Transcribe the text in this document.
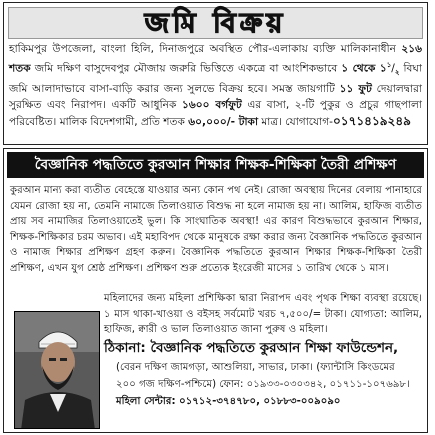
জমি বিক্রয়
হাকিমপুর উপজেলা, বাংলা হিলি, দিনাজপুরে অবস্থিত পৌর-এলাকায় ব্যক্তি মালিকানাধীন ২১৬ শতক জমি দক্ষিণ বাসুদেবপুর মৌজায় জরুরি ভিত্তিতে একত্রে বা আংশিকভাবে ১ থেকে $১^১/_২$ বিঘা জমি আলাদাভাবে বাসা-বাড়ি করার জন্য সুলভে বিক্রয় হবে। সমস্ত জায়গাটি ১১ ফুট দেয়ালদ্বারা সুরক্ষিত এবং নিরাপদ। একটি আধুনিক ১৬০০ বর্গফুট এর বাসা, ২-টি পুকুর ও প্রচুর গাছপালা পরিবেষ্টিত। মালিক বিদেশগামী, প্রতি শতক ৬০,০০০/- টাকা মাত্র। যোগাযোগ-০১৭১৪১৯২৪৯
বৈজ্ঞানিক পদ্ধতিতে কুরআন শিক্ষার শিক্ষক-শিক্ষিকা তৈরী প্রশিক্ষণ
কুরআন মান্য করা ব্যতীত বেহেস্তে যাওয়ার অন্য কোন পথ নেই। রোজা অবস্থায় দিনের বেলায় পানাহারে যেমন রোজা হয় না, তেমনি নামাজে তিলাওয়াত বিশুদ্ধ না হলে নামাজ হয় না। আলিম, হাফিজ ব্যতীত প্রায় সব নামাজির তিলাওয়াতেই ভুল। কি সাংঘাতিক অবস্থা! এর কারণ বিশুদ্ধভাবে কুরআন শিক্ষার, শিক্ষক-শিক্ষিকার চরম অভাব। এই মহাবিপদ থেকে মানুষকে রক্ষা করার জন্য বৈজ্ঞানিক পদ্ধতিতে কুরআন ও নামাজ শিক্ষার প্রশিক্ষণ গ্রহণ করুন। বৈজ্ঞানিক পদ্ধতিতে কুরআন শিক্ষার শিক্ষক-শিক্ষিকা তৈরী প্রশিক্ষণ, এখন যুগ শ্রেষ্ঠ প্রশিক্ষণ। প্রশিক্ষণ শুরু প্রত্যেক ইংরেজী মাসের ১ তারিখ থেকে ১ মাস।
মহিলাদের জন্য মহিলা প্রশিক্ষিকা দ্বারা নিরাপদ এবং পৃথক শিক্ষা ব্যবস্থা রয়েছে। ১ মাস থাকা-খাওয়া ও বইসহ সর্বমোট খরচ ৭,৫০০/= টাকা। যোগ্যতা: আলিম, হাফিজ, ক্বারী ও ভাল তিলাওয়াত জানা পুরুষ ও মহিলা।
ঠিকানা: বৈজ্ঞানিক পদ্ধতিতে কুরআন শিক্ষা ফাউন্ডেশন,
(বেরন দক্ষিণ জামগড়া, আশুলিয়া, সাভার, ঢাকা। (ফ্যান্টাসি কিংডমের
২০০ গজ দক্ষিণ-পশ্চিমে) ফোন: ০১৯৩৩-০৩০৩৪২, ০১৭১১-১০৭৬৯৮।
মহিলা সেন্টার: ০১৭১২-৩৭৪৭৮০, ০১৮৮৩-০০৯০৯০
